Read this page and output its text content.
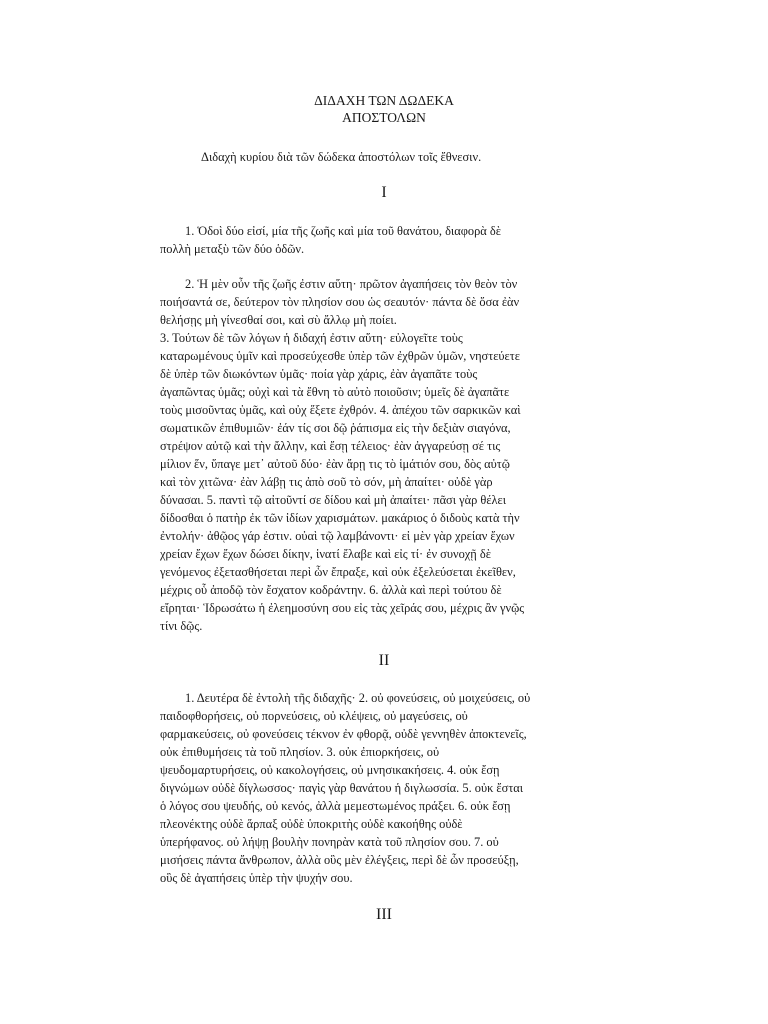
ΔΙΔΑΧΗ ΤΩΝ ΔΩΔΕΚΑ
ΑΠΟΣΤΟΛΩΝ
Διδαχὴ κυρίου διὰ τῶν δώδεκα ἀποστόλων τοῖς ἔθνεσιν.
I
1. Ὁδοὶ δύο εἰσί, μία τῆς ζωῆς καὶ μία τοῦ θανάτου, διαφορὰ δὲ
πολλὴ μεταξὺ τῶν δύο ὁδῶν.
2. Ἡ μὲν οὖν τῆς ζωῆς ἐστιν αὕτη· πρῶτον ἀγαπήσεις τὸν θεὸν τὸν
ποιήσαντά σε, δεύτερον τὸν πλησίον σου ὡς σεαυτόν· πάντα δὲ ὅσα ἐὰν
θελήσῃς μὴ γίνεσθαί σοι, καὶ σὺ ἄλλῳ μὴ ποίει.
3. Τούτων δὲ τῶν λόγων ἡ διδαχή ἐστιν αὕτη· εὐλογεῖτε τοὺς
καταρωμένους ὑμῖν καὶ προσεύχεσθε ὑπὲρ τῶν ἐχθρῶν ὑμῶν, νηστεύετε
δὲ ὑπὲρ τῶν διωκόντων ὑμᾶς· ποία γὰρ χάρις, ἐὰν ἀγαπᾶτε τοὺς
ἀγαπῶντας ὑμᾶς; οὐχὶ καὶ τὰ ἔθνη τὸ αὐτὸ ποιοῦσιν; ὑμεῖς δὲ ἀγαπᾶτε
τοὺς μισοῦντας ὑμᾶς, καὶ οὐχ ἕξετε ἐχθρόν. 4. ἀπέχου τῶν σαρκικῶν καὶ
σωματικῶν ἐπιθυμιῶν· ἐάν τίς σοι δῷ ῥάπισμα εἰς τὴν δεξιὰν σιαγόνα,
στρέψον αὐτῷ καὶ τὴν ἄλλην, καὶ ἔσῃ τέλειος· ἐὰν ἀγγαρεύσῃ σέ τις
μίλιον ἕν, ὕπαγε μετ᾽ αὐτοῦ δύο· ἐὰν ἄρῃ τις τὸ ἱμάτιόν σου, δὸς αὐτῷ
καὶ τὸν χιτῶνα· ἐὰν λάβῃ τις ἀπὸ σοῦ τὸ σόν, μὴ ἀπαίτει· οὐδὲ γὰρ
δύνασαι. 5. παντὶ τῷ αἰτοῦντί σε δίδου καὶ μὴ ἀπαίτει· πᾶσι γὰρ θέλει
δίδοσθαι ὁ πατὴρ ἐκ τῶν ἰδίων χαρισμάτων. μακάριος ὁ διδοὺς κατὰ τὴν
ἐντολήν· ἀθῷος γάρ ἐστιν. οὐαὶ τῷ λαμβάνοντι· εἰ μὲν γὰρ χρείαν ἔχων
χρείαν ἔχων ἔχων δώσει δίκην, ἱνατί ἔλαβε καὶ εἰς τί· ἐν συνοχῇ δὲ
γενόμενος ἐξετασθήσεται περὶ ὧν ἔπραξε, καὶ οὐκ ἐξελεύσεται ἐκεῖθεν,
μέχρις οὗ ἀποδῷ τὸν ἔσχατον κοδράντην. 6. ἀλλὰ καὶ περὶ τούτου δὲ
εἴρηται· Ἱδρωσάτω ἡ ἐλεημοσύνη σου εἰς τὰς χεῖράς σου, μέχρις ἂν γνῷς
τίνι δῷς.
II
1. Δευτέρα δὲ ἐντολὴ τῆς διδαχῆς· 2. οὐ φονεύσεις, οὐ μοιχεύσεις, οὐ
παιδοφθορήσεις, οὐ πορνεύσεις, οὐ κλέψεις, οὐ μαγεύσεις, οὐ
φαρμακεύσεις, οὐ φονεύσεις τέκνον ἐν φθορᾷ, οὐδὲ γεννηθὲν ἀποκτενεῖς,
οὐκ ἐπιθυμήσεις τὰ τοῦ πλησίον. 3. οὐκ ἐπιορκήσεις, οὐ
ψευδομαρτυρήσεις, οὐ κακολογήσεις, οὐ μνησικακήσεις. 4. οὐκ ἔσῃ
διγνώμων οὐδὲ δίγλωσσος· παγὶς γὰρ θανάτου ἡ διγλωσσία. 5. οὐκ ἔσται
ὁ λόγος σου ψευδής, οὐ κενός, ἀλλὰ μεμεστωμένος πράξει. 6. οὐκ ἔσῃ
πλεονέκτης οὐδὲ ἅρπαξ οὐδὲ ὑποκριτὴς οὐδὲ κακοήθης οὐδὲ
ὑπερήφανος. οὐ λήψῃ βουλὴν πονηρὰν κατὰ τοῦ πλησίον σου. 7. οὐ
μισήσεις πάντα ἄνθρωπον, ἀλλὰ οὓς μὲν ἐλέγξεις, περὶ δὲ ὧν προσεύξῃ,
οὓς δὲ ἀγαπήσεις ὑπὲρ τὴν ψυχήν σου.
III
